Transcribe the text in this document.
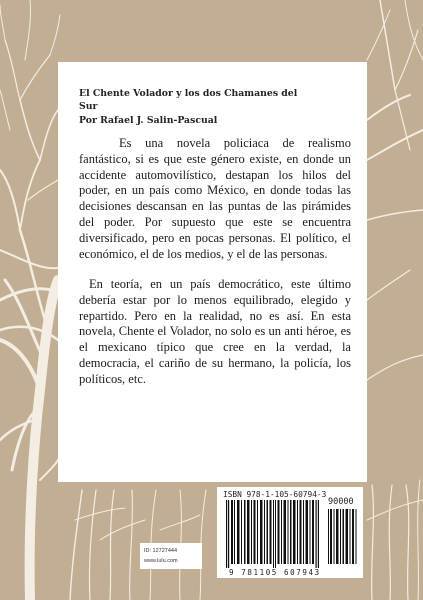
El Chente Volador y los dos Chamanes del
Sur
Por Rafael J. Salin-Pascual

Es una novela policiaca de realismo fantástico, si es que este género existe, en donde un accidente automovilístico, destapan los hilos del poder, en un país como México, en donde todas las decisiones descansan en las puntas de las pirámides del poder. Por supuesto que este se encuentra diversificado, pero en pocas personas. El político, el económico, el de los medios, y el de las personas.

En teoría, en un país democrático, este último debería estar por lo menos equilibrado, elegido y repartido. Pero en la realidad, no es así. En esta novela, Chente el Volador, no solo es un anti héroe, es el mexicano típico que cree en la verdad, la democracia, el cariño de su hermano, la policía, los políticos, etc.

ID: 12727444
www.lulu.com
ISBN 978-1-105-60794-3
90000
9 781105 607943
